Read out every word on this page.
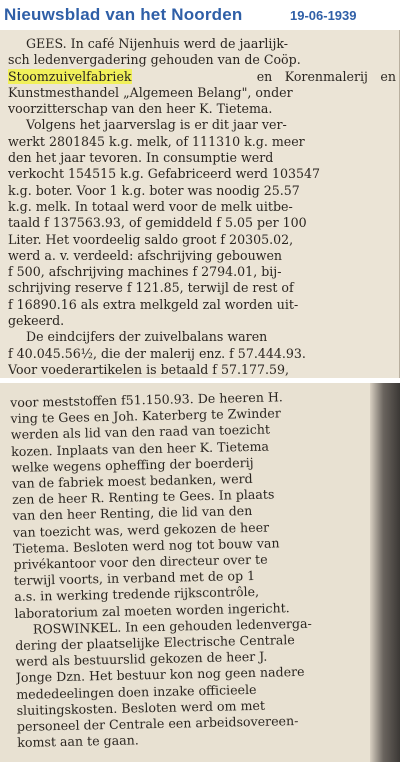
Nieuwsblad van het Noorden	19-06-1939
GEES. In café Nijenhuis werd de jaarlijk-
sch ledenvergadering gehouden van de Coöp.
Stoomzuivelfabriek	en Korenmalerij en
Kunstmesthandel „Algemeen Belang", onder
voorzitterschap van den heer K. Tietema.
Volgens het jaarverslag is er dit jaar ver-
werkt 2801845 k.g. melk, of 111310 k.g. meer
den het jaar tevoren. In consumptie werd
verkocht 154515 k.g. Gefabriceerd werd 103547
k.g. boter. Voor 1 k.g. boter was noodig 25.57
k.g. melk. In totaal werd voor de melk uitbe-
taald f 137563.93, of gemiddeld f 5.05 per 100
Liter. Het voordeelig saldo groot f 20305.02,
werd a. v. verdeeld: afschrijving gebouwen
f 500, afschrijving machines f 2794.01, bij-
schrijving reserve f 121.85, terwijl de rest of
f 16890.16 als extra melkgeld zal worden uit-
gekeerd.
De eindcijfers der zuivelbalans waren
f 40.045.56½, die der malerij enz. f 57.444.93.
Voor voederartikelen is betaald f 57.177.59,
voor meststoffen f51.150.93. De heeren H.
ving te Gees en Joh. Katerberg te Zwinder
werden als lid van den raad van toezicht
kozen. Inplaats van den heer K. Tietema
welke wegens opheffing der boerderij
van de fabriek moest bedanken, werd
zen de heer R. Renting te Gees. In plaats
van den heer Renting, die lid van den
van toezicht was, werd gekozen de heer
Tietema. Besloten werd nog tot bouw van
privékantoor voor den directeur over te
terwijl voorts, in verband met de op 1
a.s. in werking tredende rijkscontrôle,
laboratorium zal moeten worden ingericht.
ROSWINKEL. In een gehouden ledenverga-
dering der plaatselijke Electrische Centrale
werd als bestuurslid gekozen de heer J.
Jonge Dzn. Het bestuur kon nog geen nadere
mededeelingen doen inzake officieele
sluitingskosten. Besloten werd om met
personeel der Centrale een arbeidsovereen-
komst aan te gaan.
